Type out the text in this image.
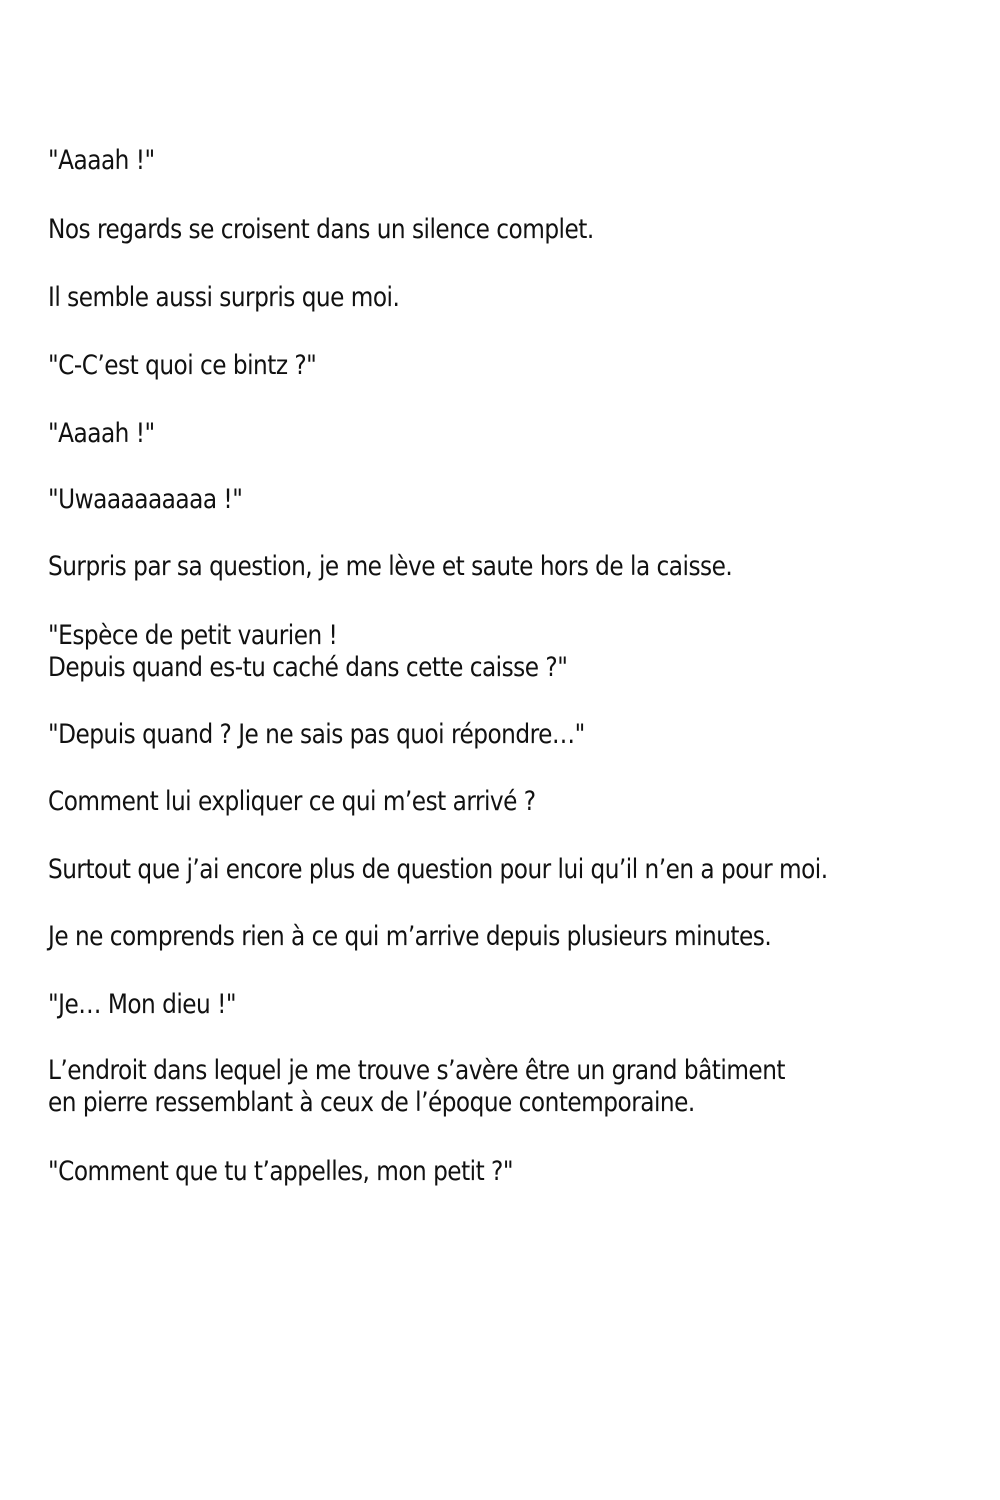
"Aaaah !"

Nos regards se croisent dans un silence complet.

Il semble aussi surpris que moi.

"C-C’est quoi ce bintz ?"

"Aaaah !"

"Uwaaaaaaaaa !"

Surpris par sa question, je me lève et saute hors de la caisse.

"Espèce de petit vaurien !
Depuis quand es-tu caché dans cette caisse ?"

"Depuis quand ? Je ne sais pas quoi répondre…"

Comment lui expliquer ce qui m’est arrivé ?

Surtout que j’ai encore plus de question pour lui qu’il n’en a pour moi.

Je ne comprends rien à ce qui m’arrive depuis plusieurs minutes.

"Je… Mon dieu !"

L’endroit dans lequel je me trouve s’avère être un grand bâtiment
en pierre ressemblant à ceux de l’époque contemporaine.

"Comment que tu t’appelles, mon petit ?"
